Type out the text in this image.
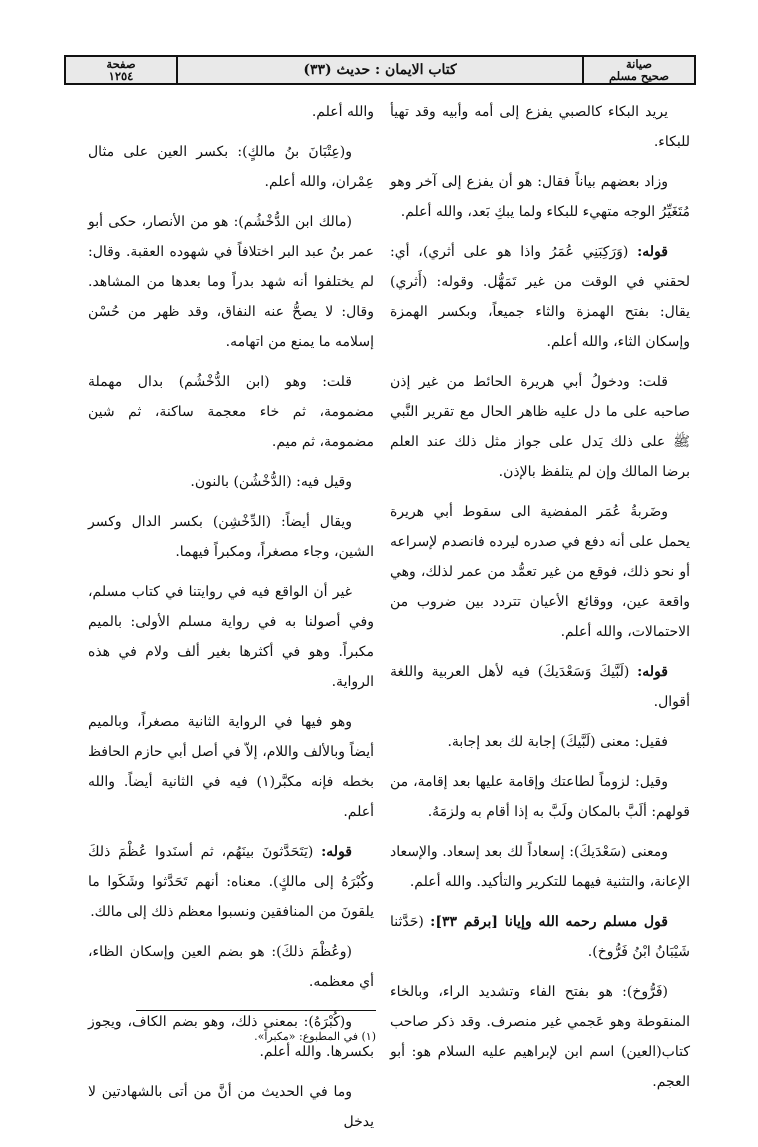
صيانة
صحيح مسلم
كتاب الايمان : حديث (٣٣)
صفحة
١٢٥٤

يريد البكاء كالصبي يفزع إلى أمه وأبيه وقد تهيأ للبكاء.

وزاد بعضهم بياناً فقال: هو أن يفزع إلى آخر وهو مُتَغَيِّرُ الوجه متهيء للبكاء ولما يبكِ بَعد، والله أعلم.

قوله: (وَرَكِبَنِي عُمَرُ واذا هو على أثري)، أي: لحقني في الوقت من غير تَمَهُّل. وقوله: (أَثري) يقال: بفتح الهمزة والثاء جميعاً، وبكسر الهمزة وإسكان الثاء، والله أعلم.

قلت: ودخولُ أبي هريرة الحائط من غير إذن صاحبه على ما دل عليه ظاهر الحال مع تقرير النَّبي ﷺ على ذلك يَدل على جواز مثل ذلك عند العلم برضا المالك وإن لم يتلفظ بالإذن.

وضَربةُ عُمَر المفضية الى سقوط أبي هريرة يحمل على أنه دفع في صدره ليرده فانصدم لإسراعه أو نحو ذلك، فوقع من غير تعمُّد من عمر لذلك، وهي واقعة عين، ووقائع الأعيان تتردد بين ضروب من الاحتمالات، والله أعلم.

قوله: (لَبَّيكَ وَسَعْدَيكَ) فيه لأهل العربية واللغة أقوال.

فقيل: معنى (لَبَّيكَ) إجابة لك بعد إجابة.

وقيل: لزوماً لطاعتك وإقامة عليها بعد إقامة، من قولهم: ألَبَّ بالمكان ولَبَّ به إذا أقام به ولزمَهُ.

ومعنى (سَعْدَيكَ): إسعاداً لك بعد إسعاد. والإسعاد الإعانة، والتثنية فيهما للتكرير والتأكيد. والله أعلم.

قول مسلم رحمه الله وإيانا [برقم ٣٣]: (حَدَّثنا شَيْبَانُ ابْنُ فَرُّوخ).

(فَرُّوخ): هو بفتح الفاء وتشديد الراء، وبالخاء المنقوطة وهو عَجمي غير منصرف. وقد ذكر صاحب كتاب(العين) اسم ابن لإبراهيم عليه السلام هو: أبو العجم.

والله أعلم.

و(عِتْبَانَ بنُ مالكٍ): بكسر العين على مثال عِمْران، والله أعلم.

(مالك ابن الدُّخْشُم): هو من الأنصار، حكى أبو عمر بنُ عبد البر اختلافاً في شهوده العقبة. وقال: لم يختلفوا أنه شهد بدراً وما بعدها من المشاهد. وقال: لا يصحُّ عنه النفاق، وقد ظهر من حُسْن إسلامه ما يمنع من اتهامه.

قلت: وهو (ابن الدُّخْشُم) بدال مهملة مضمومة، ثم خاء معجمة ساكنة، ثم شين مضمومة، ثم ميم.

وقيل فيه: (الدُّخْشُن) بالنون.

ويقال أيضاً: (الدِّخْشِن) بكسر الدال وكسر الشين، وجاء مصغراً، ومكبراً فيهما.

غير أن الواقع فيه في روايتنا في كتاب مسلم، وفي أصولنا به في رواية مسلم الأولى: بالميم مكبراً. وهو في أكثرها بغير ألف ولام في هذه الرواية.

وهو فيها في الرواية الثانية مصغراً، وبالميم أيضاً وبالألف واللام، إلاّ في أصل أبي حازم الحافظ بخطه فإنه مكبَّر(١) فيه في الثانية أيضاً. والله أعلم.

قوله: (يَتَحَدَّثونَ بينَهُم، ثم أسنَدوا عُظْمَ ذلكَ وكُبْرَهُ إلى مالكٍ). معناه: أنهم تَحَدَّثوا وشَكَوا ما يلقونَ من المنافقين ونسبوا معظم ذلك إلى مالك.

(وعُظْمَ ذلكَ): هو بضم العين وإسكان الظاء، أي معظمه.

و(كُبْرَهُ): بمعنى ذلك، وهو بضم الكاف، ويجوز بكسرها. والله أعلم.

وما في الحديث من أنَّ من أتى بالشهادتين لا يدخل

(١) في المطبوع: «مكبراً».
